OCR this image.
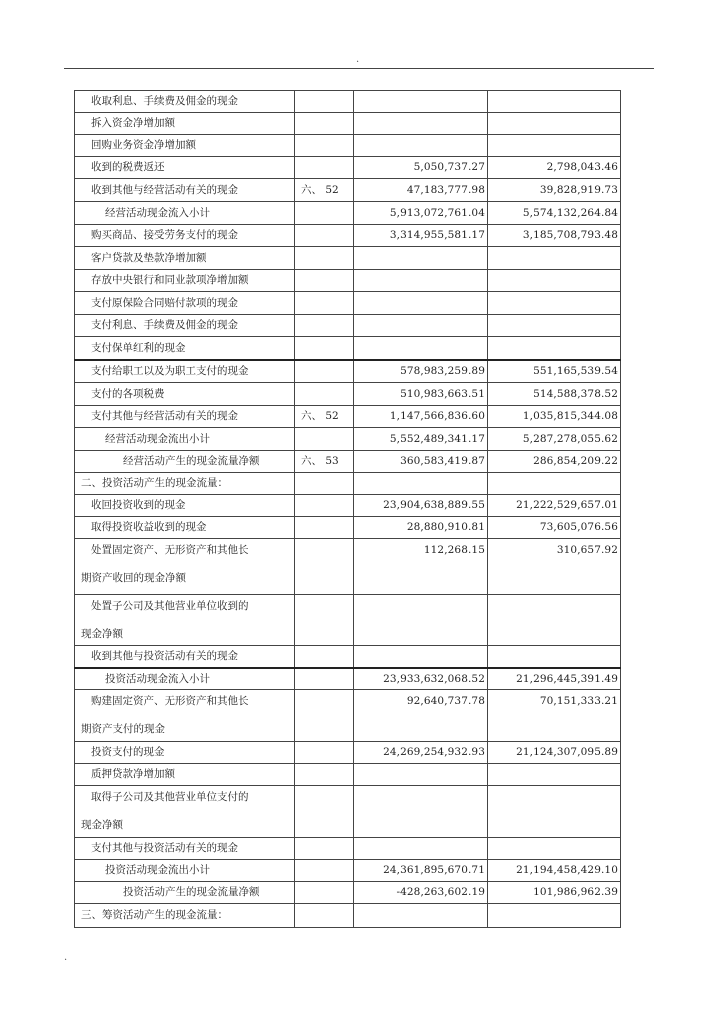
.
收取利息、手续费及佣金的现金			
拆入资金净增加额			
回购业务资金净增加额			
收到的税费返还		5,050,737.27	2,798,043.46
收到其他与经营活动有关的现金	六、 52	47,183,777.98	39,828,919.73
经营活动现金流入小计		5,913,072,761.04	5,574,132,264.84
购买商品、接受劳务支付的现金		3,314,955,581.17	3,185,708,793.48
客户贷款及垫款净增加额			
存放中央银行和同业款项净增加额			
支付原保险合同赔付款项的现金			
支付利息、手续费及佣金的现金			
支付保单红利的现金			
支付给职工以及为职工支付的现金		578,983,259.89	551,165,539.54
支付的各项税费		510,983,663.51	514,588,378.52
支付其他与经营活动有关的现金	六、 52	1,147,566,836.60	1,035,815,344.08
经营活动现金流出小计		5,552,489,341.17	5,287,278,055.62
经营活动产生的现金流量净额	六、 53	360,583,419.87	286,854,209.22
二、投资活动产生的现金流量：			
收回投资收到的现金		23,904,638,889.55	21,222,529,657.01
取得投资收益收到的现金		28,880,910.81	73,605,076.56

处置固定资产、无形资产和其他长
期资产收回的现金净额		112,268.15	310,657.92

处置子公司及其他营业单位收到的
现金净额			

收到其他与投资活动有关的现金			
投资活动现金流入小计		23,933,632,068.52	21,296,445,391.49

购建固定资产、无形资产和其他长
期资产支付的现金		92,640,737.78	70,151,333.21
投资支付的现金		24,269,254,932.93	21,124,307,095.89
质押贷款净增加额			

取得子公司及其他营业单位支付的
现金净额			

支付其他与投资活动有关的现金			
投资活动现金流出小计		24,361,895,670.71	21,194,458,429.10
投资活动产生的现金流量净额		-428,263,602.19	101,986,962.39
三、筹资活动产生的现金流量：			
.
